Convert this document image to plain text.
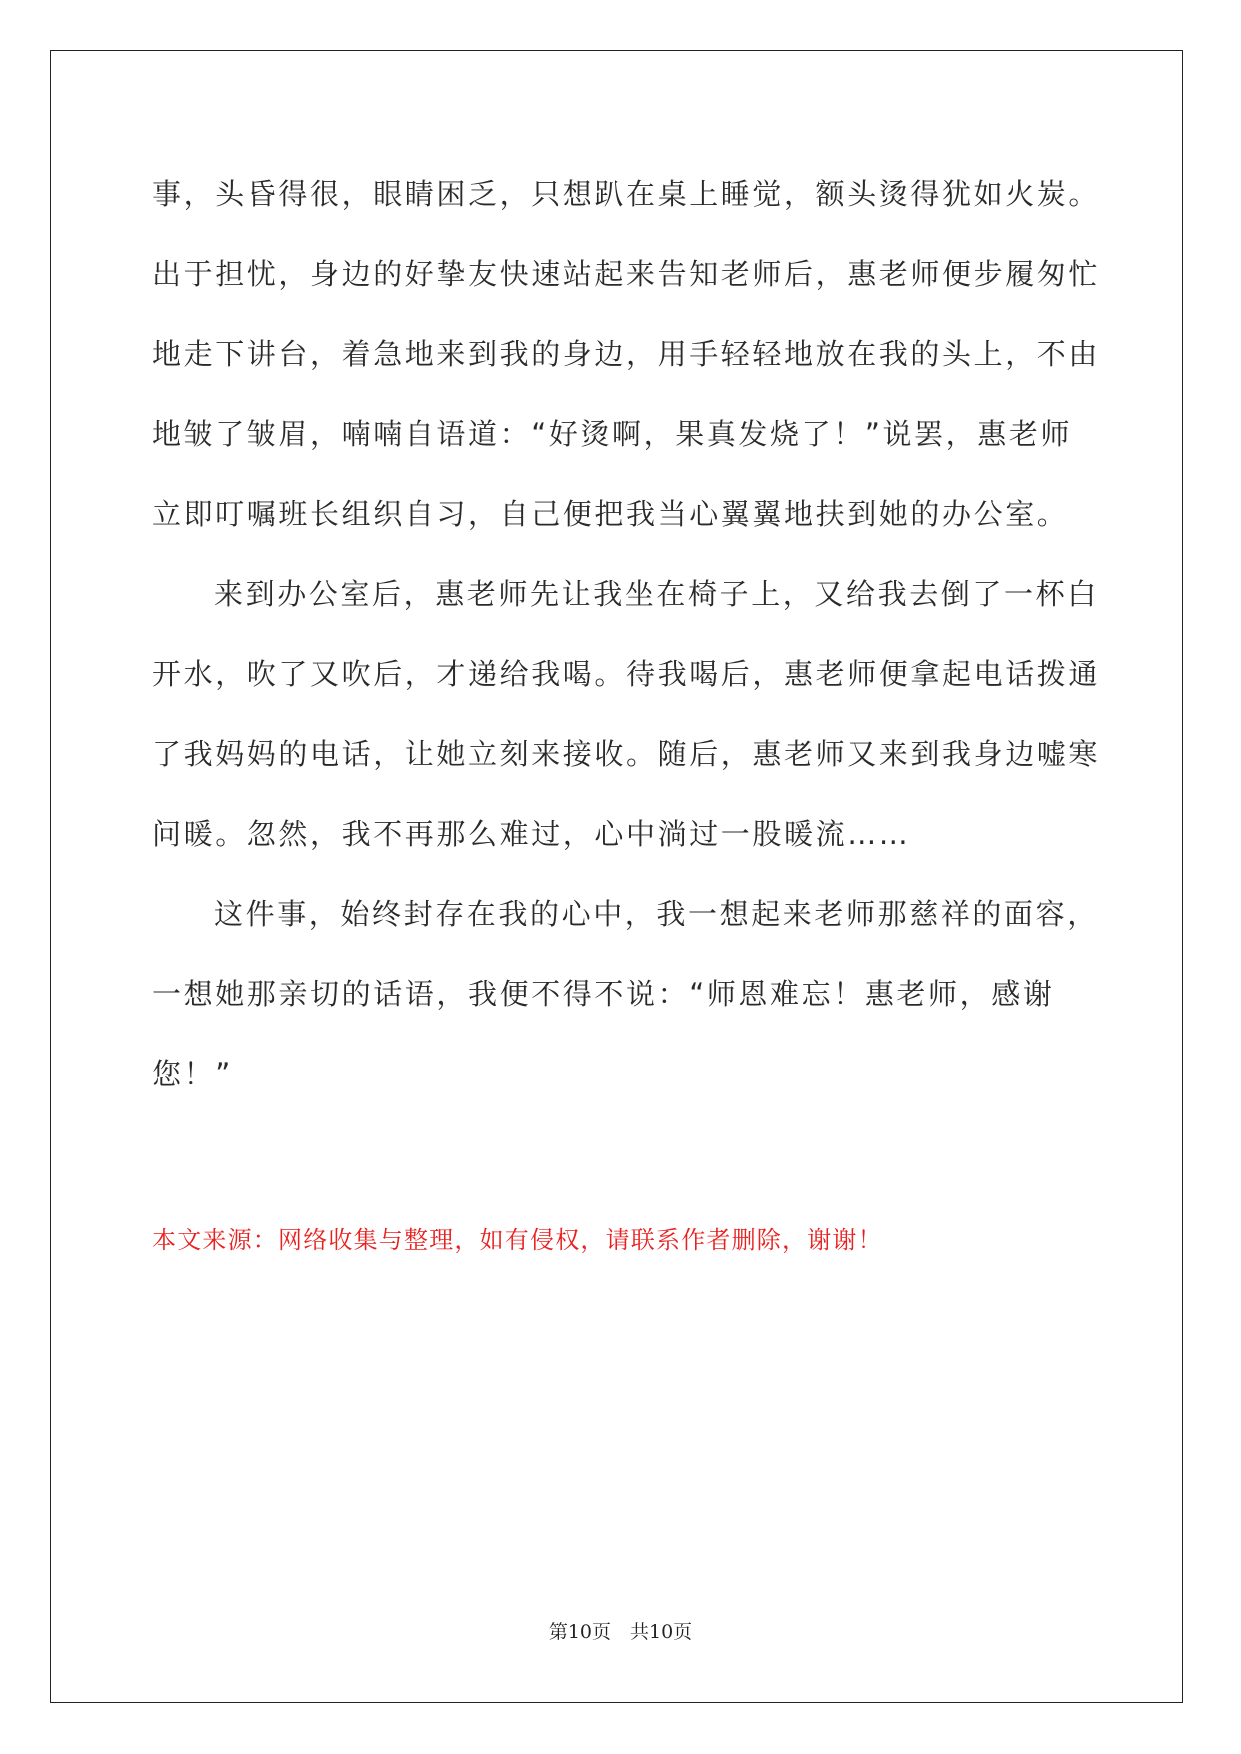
事，头昏得很，眼睛困乏，只想趴在桌上睡觉，额头烫得犹如火炭。
出于担忧，身边的好挚友快速站起来告知老师后，惠老师便步履匆忙
地走下讲台，着急地来到我的身边，用手轻轻地放在我的头上，不由
地皱了皱眉，喃喃自语道：“好烫啊，果真发烧了！”说罢，惠老师
立即叮嘱班长组织自习，自己便把我当心翼翼地扶到她的办公室。
来到办公室后，惠老师先让我坐在椅子上，又给我去倒了一杯白
开水，吹了又吹后，才递给我喝。待我喝后，惠老师便拿起电话拨通
了我妈妈的电话，让她立刻来接收。随后，惠老师又来到我身边嘘寒
问暖。忽然，我不再那么难过，心中淌过一股暖流……
这件事，始终封存在我的心中，我一想起来老师那慈祥的面容，
一想她那亲切的话语，我便不得不说：“师恩难忘！惠老师，感谢
您！”
本文来源：网络收集与整理，如有侵权，请联系作者删除，谢谢！
第10页　共10页
